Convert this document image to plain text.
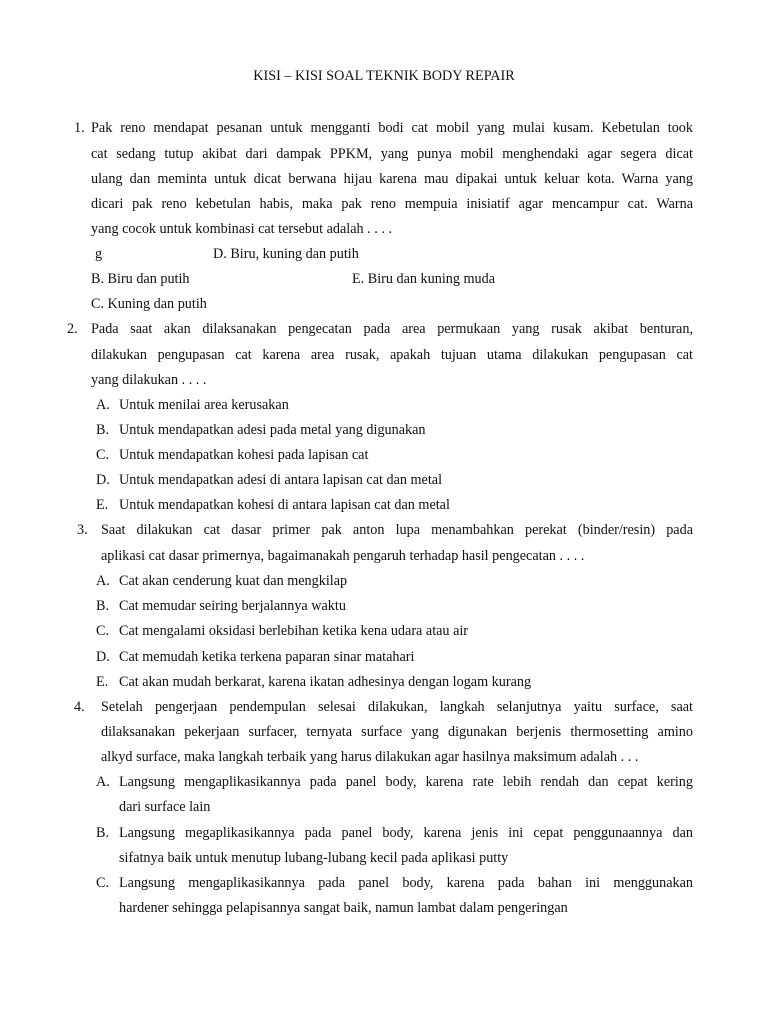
KISI – KISI SOAL TEKNIK BODY REPAIR
1. Pak reno mendapat pesanan untuk mengganti bodi cat mobil yang mulai kusam. Kebetulan took
cat sedang tutup akibat dari dampak PPKM, yang punya mobil menghendaki agar segera dicat
ulang dan meminta untuk dicat berwana hijau karena mau dipakai untuk keluar kota. Warna yang
dicari pak reno kebetulan habis, maka pak reno mempuia inisiatif agar mencampur cat. Warna
yang cocok untuk kombinasi cat tersebut adalah . . . .
g	D. Biru, kuning dan putih
B. Biru dan putih	E. Biru dan kuning muda
C. Kuning dan putih
2. Pada saat akan dilaksanakan pengecatan pada area permukaan yang rusak akibat benturan,
dilakukan pengupasan cat karena area rusak, apakah tujuan utama dilakukan pengupasan cat
yang dilakukan . . . .
A. Untuk menilai area kerusakan
B. Untuk mendapatkan adesi pada metal yang digunakan
C. Untuk mendapatkan kohesi pada lapisan cat
D. Untuk mendapatkan adesi di antara lapisan cat dan metal
E. Untuk mendapatkan kohesi di antara lapisan cat dan metal
3. Saat dilakukan cat dasar primer pak anton lupa menambahkan perekat (binder/resin) pada
aplikasi cat dasar primernya, bagaimanakah pengaruh terhadap hasil pengecatan . . . .
A. Cat akan cenderung kuat dan mengkilap
B. Cat memudar seiring berjalannya waktu
C. Cat mengalami oksidasi berlebihan ketika kena udara atau air
D. Cat memudah ketika terkena paparan sinar matahari
E. Cat akan mudah berkarat, karena ikatan adhesinya dengan logam kurang
4. Setelah pengerjaan pendempulan selesai dilakukan, langkah selanjutnya yaitu surface, saat
dilaksanakan pekerjaan surfacer, ternyata surface yang digunakan berjenis thermosetting amino
alkyd surface, maka langkah terbaik yang harus dilakukan agar hasilnya maksimum adalah . . .
A. Langsung mengaplikasikannya pada panel body, karena rate lebih rendah dan cepat kering
dari surface lain
B. Langsung megaplikasikannya pada panel body, karena jenis ini cepat penggunaannya dan
sifatnya baik untuk menutup lubang-lubang kecil pada aplikasi putty
C. Langsung mengaplikasikannya pada panel body, karena pada bahan ini menggunakan
hardener sehingga pelapisannya sangat baik, namun lambat dalam pengeringan
